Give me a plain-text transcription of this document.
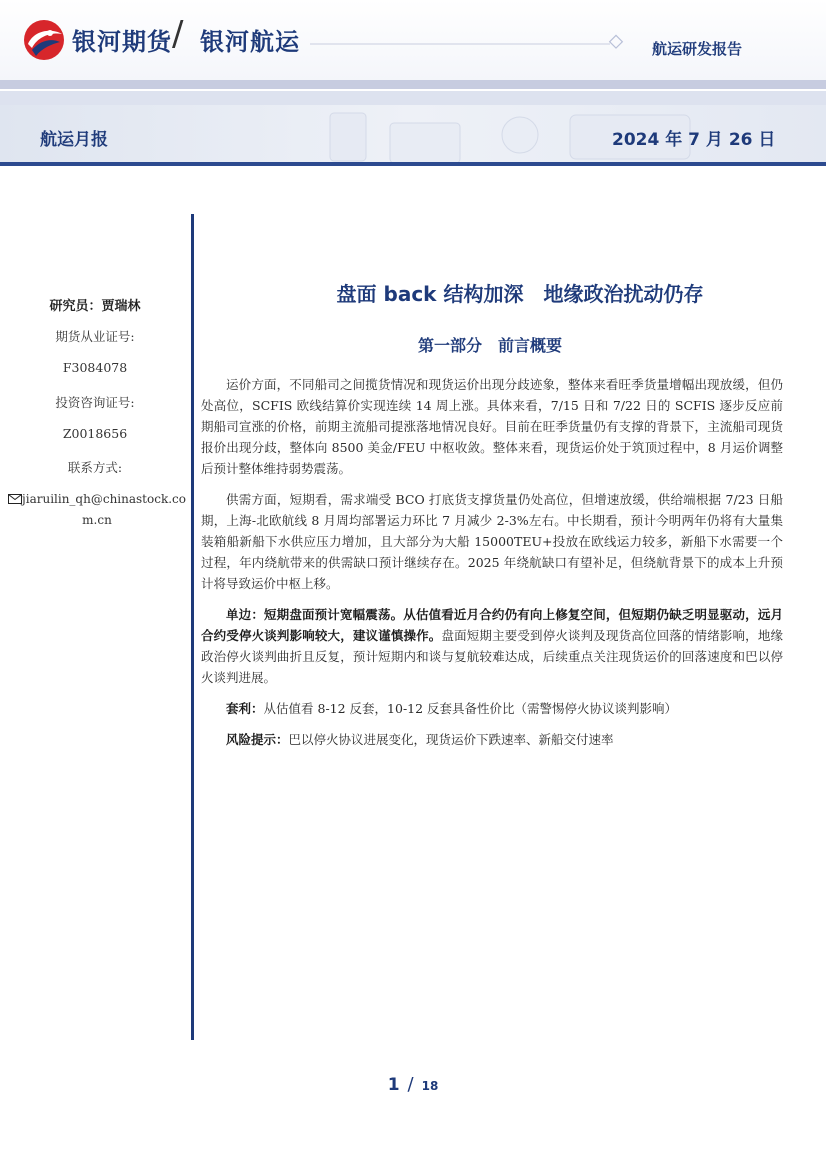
银河期货 / 银河航运	航运研发报告
航运月报	2024 年 7 月 26 日
研究员：贾瑞林
期货从业证号:
F3084078
投资咨询证号:
Z0018656
联系方式:
jiaruilin_qh@chinastock.com.cn
盘面 back 结构加深　地缘政治扰动仍存
第一部分　前言概要

运价方面，不同船司之间揽货情况和现货运价出现分歧迹象，整体来看旺季货量增幅出现放缓，但仍处高位，SCFIS 欧线结算价实现连续 14 周上涨。具体来看，7/15 日和 7/22 日的 SCFIS 逐步反应前期船司宣涨的价格，前期主流船司提涨落地情况良好。目前在旺季货量仍有支撑的背景下，主流船司现货报价出现分歧，整体向 8500 美金/FEU 中枢收敛。整体来看，现货运价处于筑顶过程中，8 月运价调整后预计整体维持弱势震荡。

供需方面，短期看，需求端受 BCO 打底货支撑货量仍处高位，但增速放缓，供给端根据 7/23 日船期，上海-北欧航线 8 月周均部署运力环比 7 月减少 2-3%左右。中长期看，预计今明两年仍将有大量集装箱船新船下水供应压力增加，且大部分为大船 15000TEU+投放在欧线运力较多，新船下水需要一个过程，年内绕航带来的供需缺口预计继续存在。2025 年绕航缺口有望补足，但绕航背景下的成本上升预计将导致运价中枢上移。

单边：短期盘面预计宽幅震荡。从估值看近月合约仍有向上修复空间，但短期仍缺乏明显驱动，远月合约受停火谈判影响较大，建议谨慎操作。盘面短期主要受到停火谈判及现货高位回落的情绪影响，地缘政治停火谈判曲折且反复，预计短期内和谈与复航较难达成，后续重点关注现货运价的回落速度和巴以停火谈判进展。

套利：从估值看 8-12 反套，10-12 反套具备性价比（需警惕停火协议谈判影响）

风险提示：巴以停火协议进展变化，现货运价下跌速率、新船交付速率

1 / 18
